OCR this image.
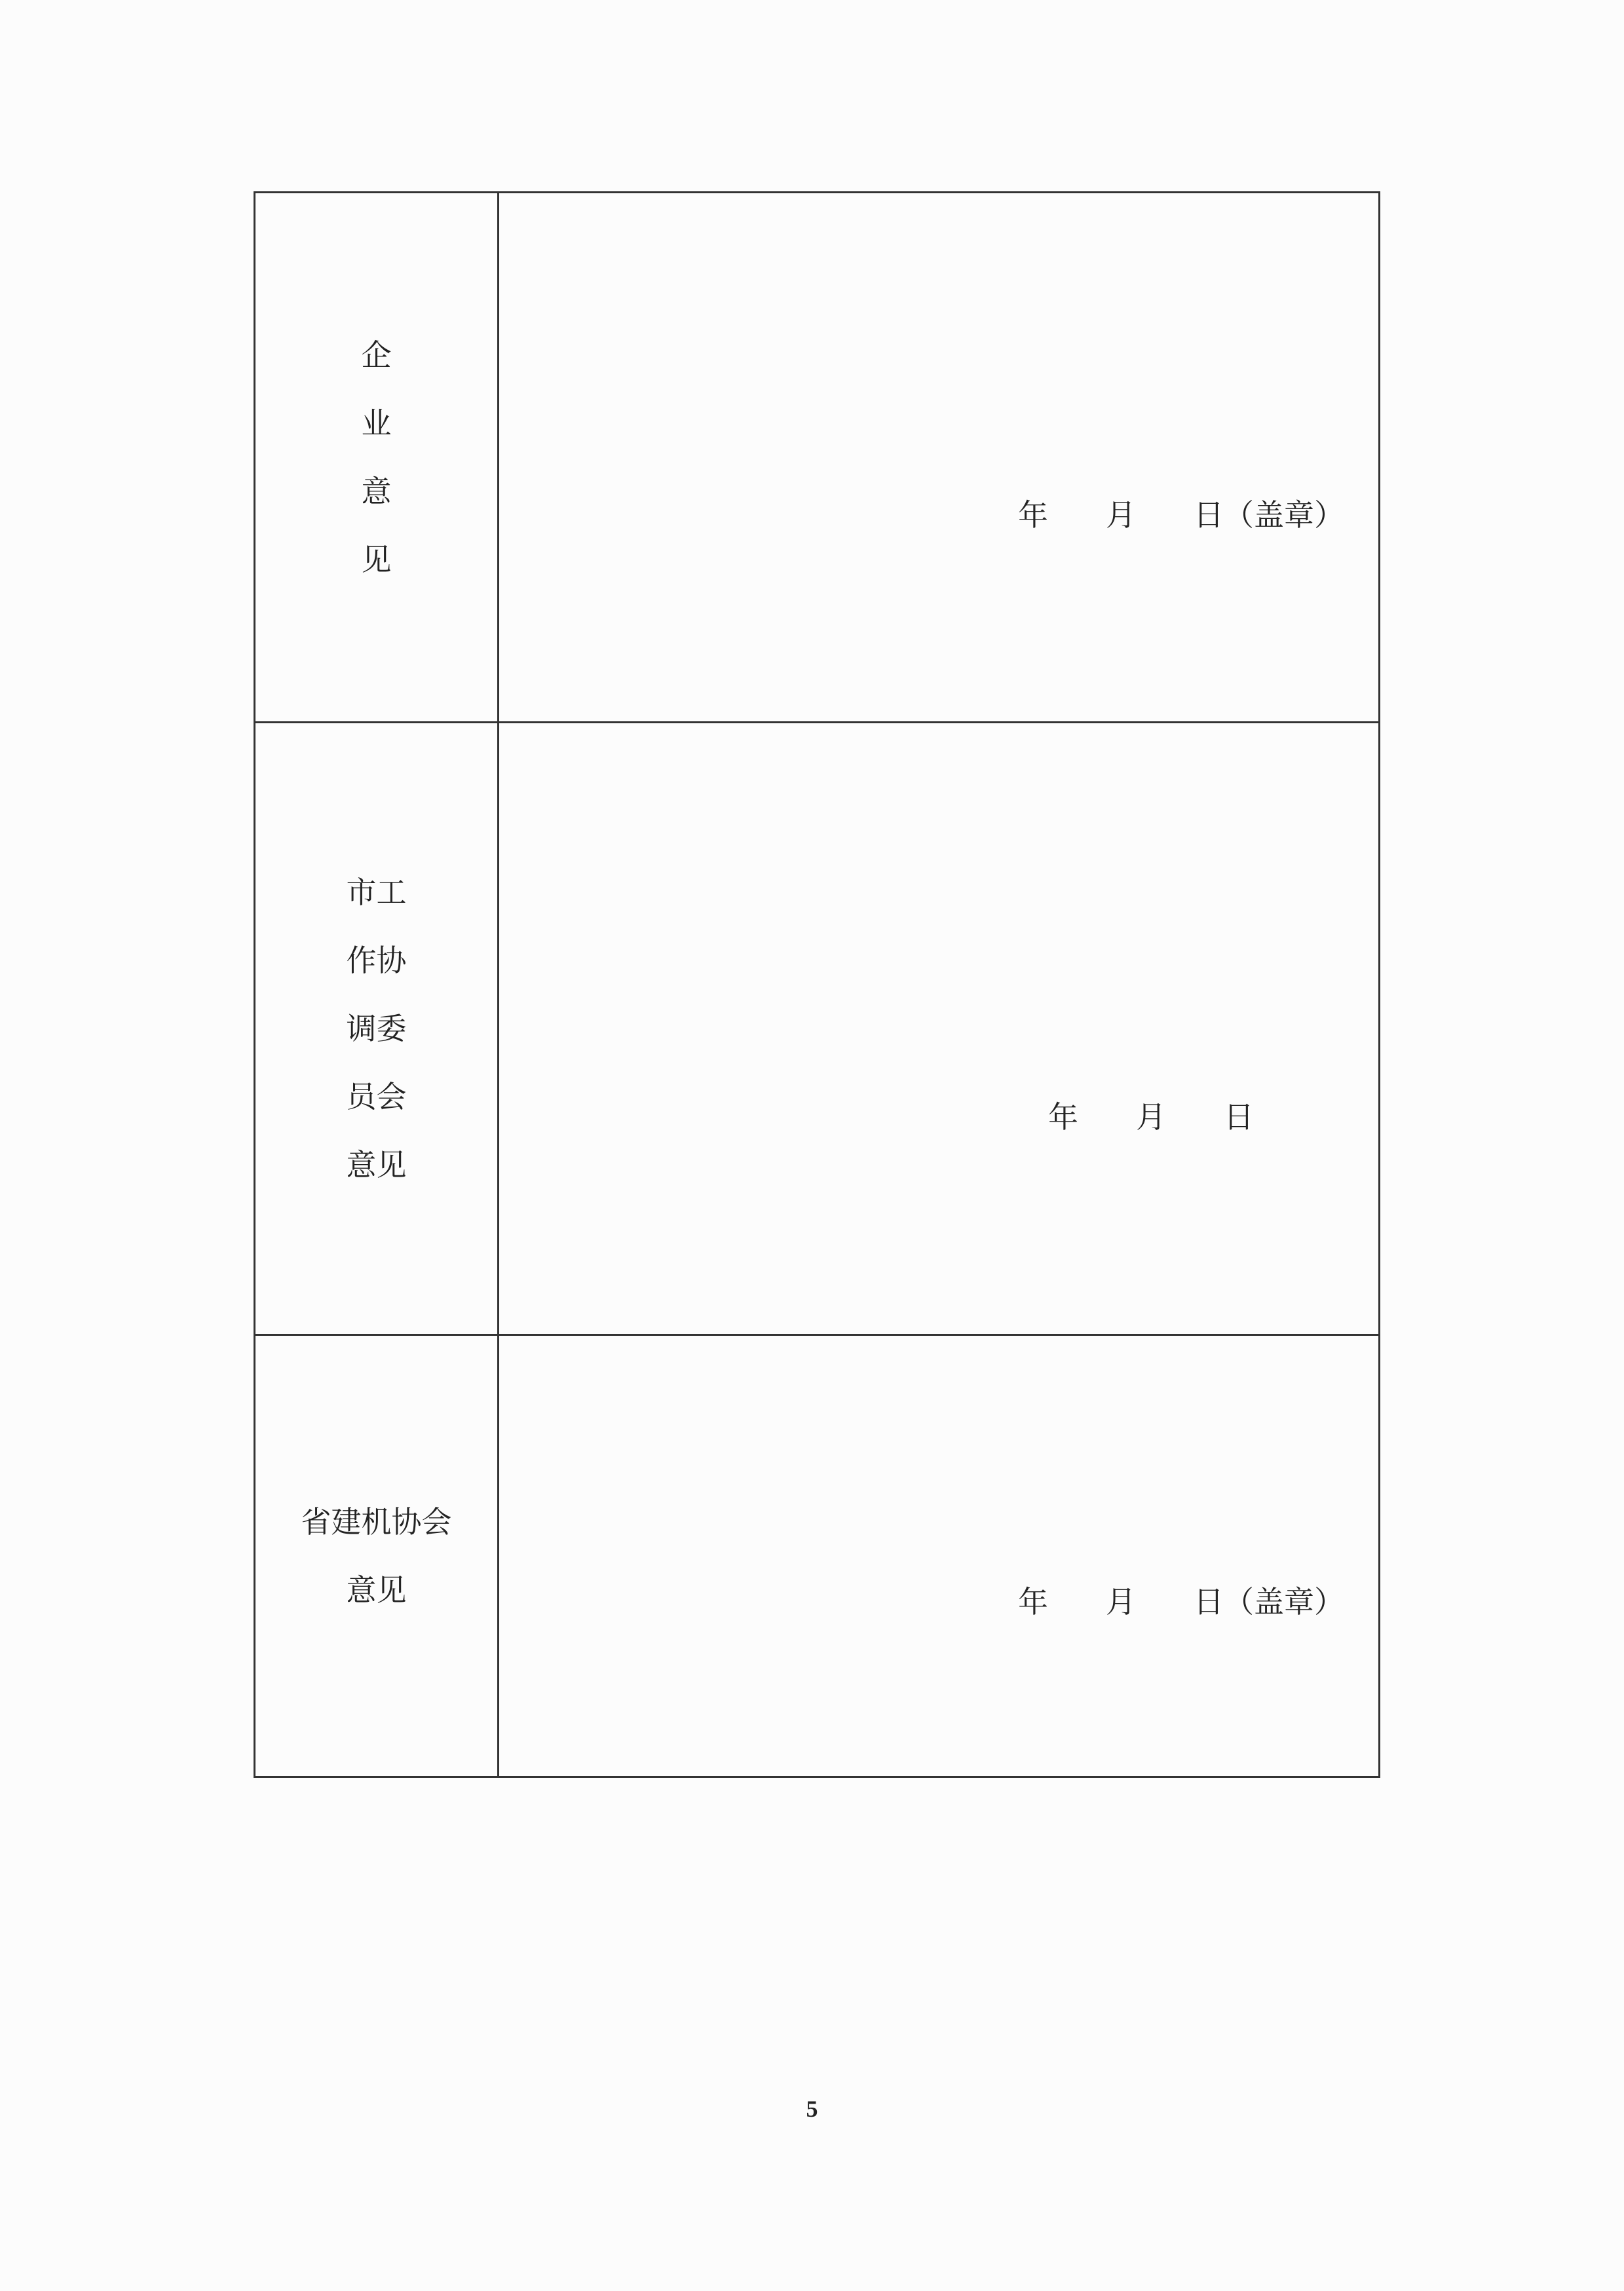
企
业
意
见	年 月 日（盖章）

市工
作协
调委
员会
意见	年 月 日

省建机协会
意见	年 月 日（盖章）
5
